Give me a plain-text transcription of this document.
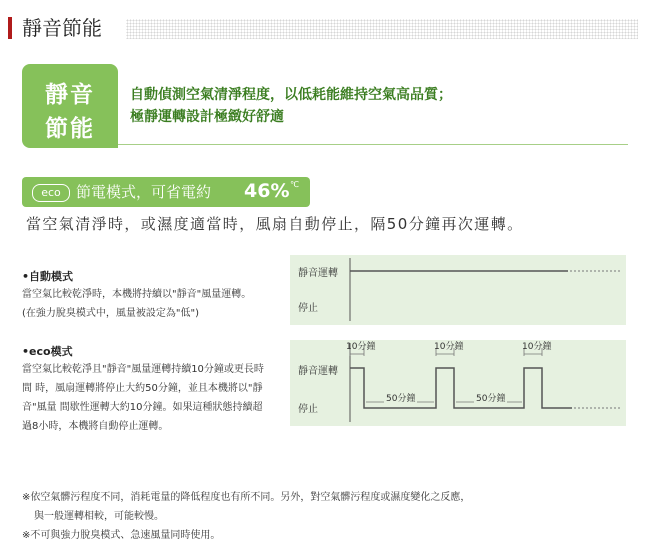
靜音節能
靜音
節能
自動偵測空氣清淨程度，以低耗能維持空氣高品質；
極靜運轉設計極緻好舒適
eco	節電模式，可省電約 46% ℃
當空氣清淨時，或濕度適當時，風扇自動停止，隔50分鐘再次運轉。
•自動模式
當空氣比較乾淨時，本機將持續以"靜音"風量運轉。
(在強力脫臭模式中，風量被設定為"低")
靜音運轉
停止
•eco模式
當空氣比較乾淨且"靜音"風量運轉持續10分鐘或更長時
間 時，風扇運轉將停止大約50分鐘，並且本機將以"靜
音"風量 間歇性運轉大約10分鐘。如果這種狀態持續超
過8小時，本機將自動停止運轉。
10分鐘	10分鐘	10分鐘
50分鐘	50分鐘
靜音運轉
停止
※依空氣髒污程度不同，消耗電量的降低程度也有所不同。另外，對空氣髒污程度或濕度變化之反應，
與一般運轉相較，可能較慢。
※不可與強力脫臭模式、急速風量同時使用。
